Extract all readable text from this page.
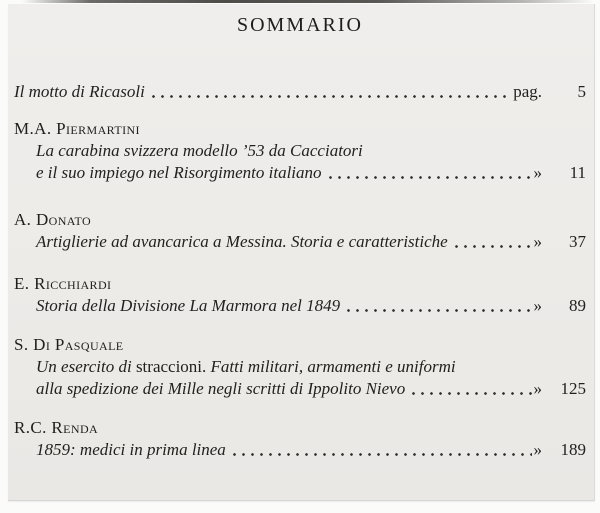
SOMMARIO
Il motto di Ricasoli	pag.	5
M.A. Piermartini
La carabina svizzera modello ’53 da Cacciatori
e il suo impiego nel Risorgimento italiano	»	11
A. Donato
Artiglierie ad avancarica a Messina. Storia e caratteristiche	»	37
E. Ricchiardi
Storia della Divisione La Marmora nel 1849	»	89
S. Di Pasquale
Un esercito di straccioni. Fatti militari, armamenti e uniformi
alla spedizione dei Mille negli scritti di Ippolito Nievo	»	125
R.C. Renda
1859: medici in prima linea	»	189
